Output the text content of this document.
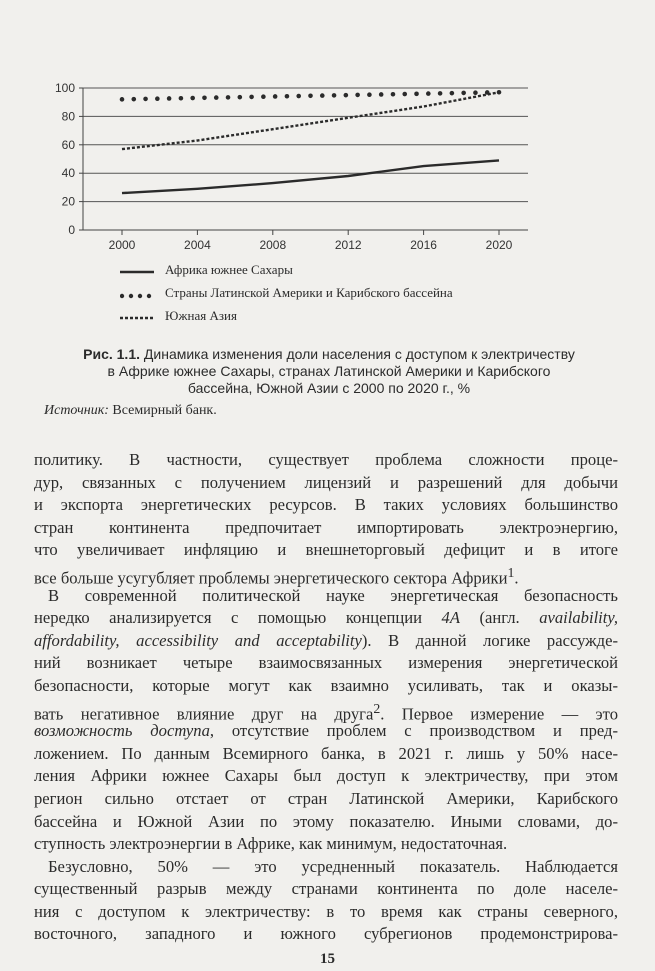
0
20
40
60
80
100
2000	2004	2008	2012	2016	2020
Африка южнее Сахары
Страны Латинской Америки и Карибского бассейна
Южная Азия
Рис. 1.1. Динамика изменения доли населения с доступом к электричеству
в Африке южнее Сахары, странах Латинской Америки и Карибского
бассейна, Южной Азии с 2000 по 2020 г., %
Источник: Всемирный банк.
политику. В частности, существует проблема сложности проце-
дур, связанных с получением лицензий и разрешений для добычи
и экспорта энергетических ресурсов. В таких условиях большинство
стран континента предпочитает импортировать электроэнергию,
что увеличивает инфляцию и внешнеторговый дефицит и в итоге
все больше усугубляет проблемы энергетического сектора Африки$^1$.
В современной политической науке энергетическая безопасность
нередко анализируется с помощью концепции 4A (англ. availability,
affordability, accessibility and acceptability). В данной логике рассужде-
ний возникает четыре взаимосвязанных измерения энергетической
безопасности, которые могут как взаимно усиливать, так и оказы-
вать негативное влияние друг на друга$^2$. Первое измерение — это
возможность доступа, отсутствие проблем с производством и пред-
ложением. По данным Всемирного банка, в 2021 г. лишь у 50% насе-
ления Африки южнее Сахары был доступ к электричеству, при этом
регион сильно отстает от стран Латинской Америки, Карибского
бассейна и Южной Азии по этому показателю. Иными словами, до-
ступность электроэнергии в Африке, как минимум, недостаточная.
Безусловно, 50% — это усредненный показатель. Наблюдается
существенный разрыв между странами континента по доле населе-
ния с доступом к электричеству: в то время как страны северного,
восточного, западного и южного субрегионов продемонстрирова-
15
